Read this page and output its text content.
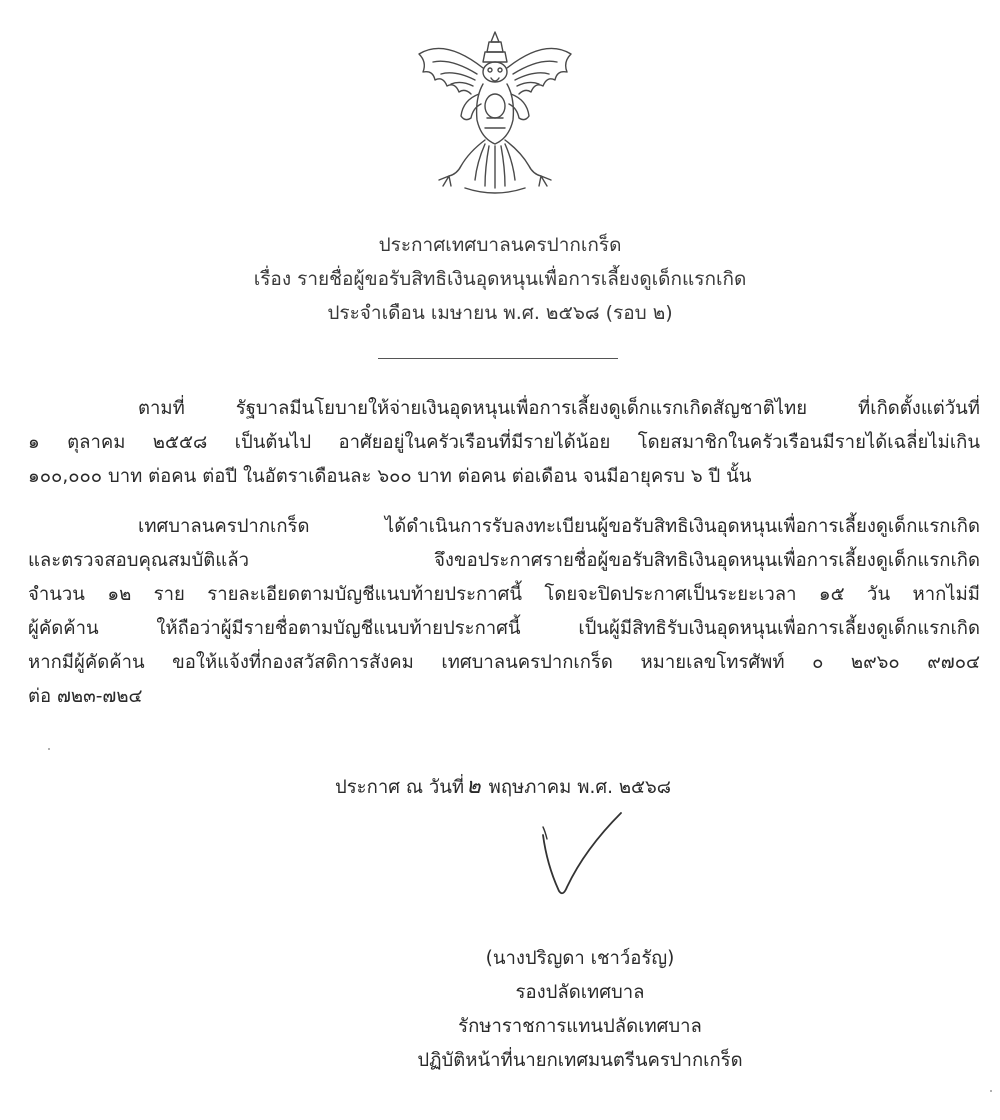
ประกาศเทศบาลนครปากเกร็ด
เรื่อง รายชื่อผู้ขอรับสิทธิเงินอุดหนุนเพื่อการเลี้ยงดูเด็กแรกเกิด
ประจำเดือน เมษายน พ.ศ. ๒๕๖๘ (รอบ ๒)
ตามที่ รัฐบาลมีนโยบายให้จ่ายเงินอุดหนุนเพื่อการเลี้ยงดูเด็กแรกเกิดสัญชาติไทย ที่เกิดตั้งแต่วันที่
๑ ตุลาคม ๒๕๕๘ เป็นต้นไป อาศัยอยู่ในครัวเรือนที่มีรายได้น้อย โดยสมาชิกในครัวเรือนมีรายได้เฉลี่ยไม่เกิน
๑๐๐,๐๐๐ บาท ต่อคน ต่อปี ในอัตราเดือนละ ๖๐๐ บาท ต่อคน ต่อเดือน จนมีอายุครบ ๖ ปี นั้น
เทศบาลนครปากเกร็ด ได้ดำเนินการรับลงทะเบียนผู้ขอรับสิทธิเงินอุดหนุนเพื่อการเลี้ยงดูเด็กแรกเกิด
และตรวจสอบคุณสมบัติแล้ว จึงขอประกาศรายชื่อผู้ขอรับสิทธิเงินอุดหนุนเพื่อการเลี้ยงดูเด็กแรกเกิด
จำนวน ๑๒ ราย รายละเอียดตามบัญชีแนบท้ายประกาศนี้ โดยจะปิดประกาศเป็นระยะเวลา ๑๕ วัน หากไม่มี
ผู้คัดค้าน ให้ถือว่าผู้มีรายชื่อตามบัญชีแนบท้ายประกาศนี้ เป็นผู้มีสิทธิรับเงินอุดหนุนเพื่อการเลี้ยงดูเด็กแรกเกิด
หากมีผู้คัดค้าน ขอให้แจ้งที่กองสวัสดิการสังคม เทศบาลนครปากเกร็ด หมายเลขโทรศัพท์ ๐ ๒๙๖๐ ๙๗๐๔
ต่อ ๗๒๓-๗๒๔
ประกาศ ณ วันที่๒ พฤษภาคม พ.ศ. ๒๕๖๘
(นางปริญดา เชาว์อรัญ)
รองปลัดเทศบาล
รักษาราชการแทนปลัดเทศบาล
ปฏิบัติหน้าที่นายกเทศมนตรีนครปากเกร็ด
